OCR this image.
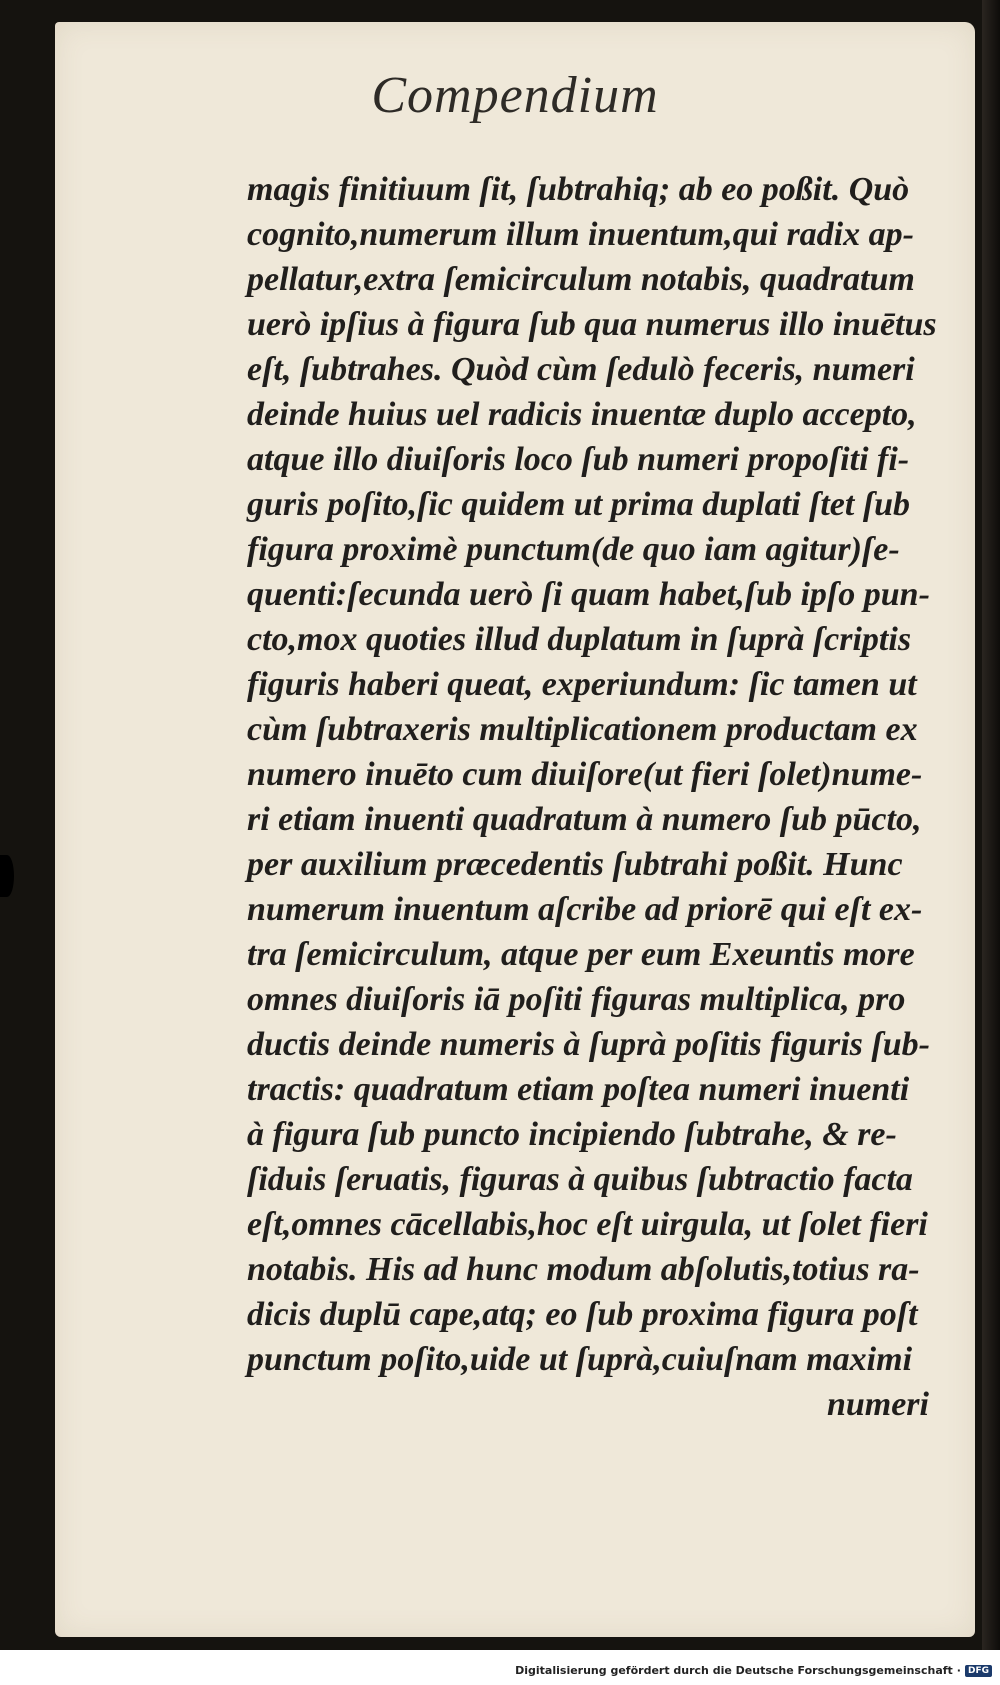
Compendium
magis finitiuum ſit, ſubtrahiq; ab eo poßit. Quò
cognito,numerum illum inuentum,qui radix ap-
pellatur,extra ſemicirculum notabis, quadratum
uerò ipſius à figura ſub qua numerus illo inuētus
eſt, ſubtrahes. Quòd cùm ſedulò feceris, numeri
deinde huius uel radicis inuentæ duplo accepto,
atque illo diuiſoris loco ſub numeri propoſiti fi-
guris poſito,ſic quidem ut prima duplati ſtet ſub
figura proximè punctum(de quo iam agitur)ſe-
quenti:ſecunda uerò ſi quam habet,ſub ipſo pun-
cto,mox quoties illud duplatum in ſuprà ſcriptis
figuris haberi queat, experiundum: ſic tamen ut
cùm ſubtraxeris multiplicationem productam ex
numero inuēto cum diuiſore(ut fieri ſolet)nume-
ri etiam inuenti quadratum à numero ſub pūcto,
per auxilium præcedentis ſubtrahi poßit. Hunc
numerum inuentum aſcribe ad priorē qui eſt ex-
tra ſemicirculum, atque per eum Exeuntis more
omnes diuiſoris iā poſiti figuras multiplica, pro
ductis deinde numeris à ſuprà poſitis figuris ſub-
tractis: quadratum etiam poſtea numeri inuenti
à figura ſub puncto incipiendo ſubtrahe, & re-
ſiduis ſeruatis, figuras à quibus ſubtractio facta
eſt,omnes cācellabis,hoc eſt uirgula, ut ſolet fieri
notabis. His ad hunc modum abſolutis,totius ra-
dicis duplū cape,atq; eo ſub proxima figura poſt
punctum poſito,uide ut ſuprà,cuiuſnam maximi
numeri
Digitalisierung gefördert durch die Deutsche Forschungsgemeinschaft · DFG
